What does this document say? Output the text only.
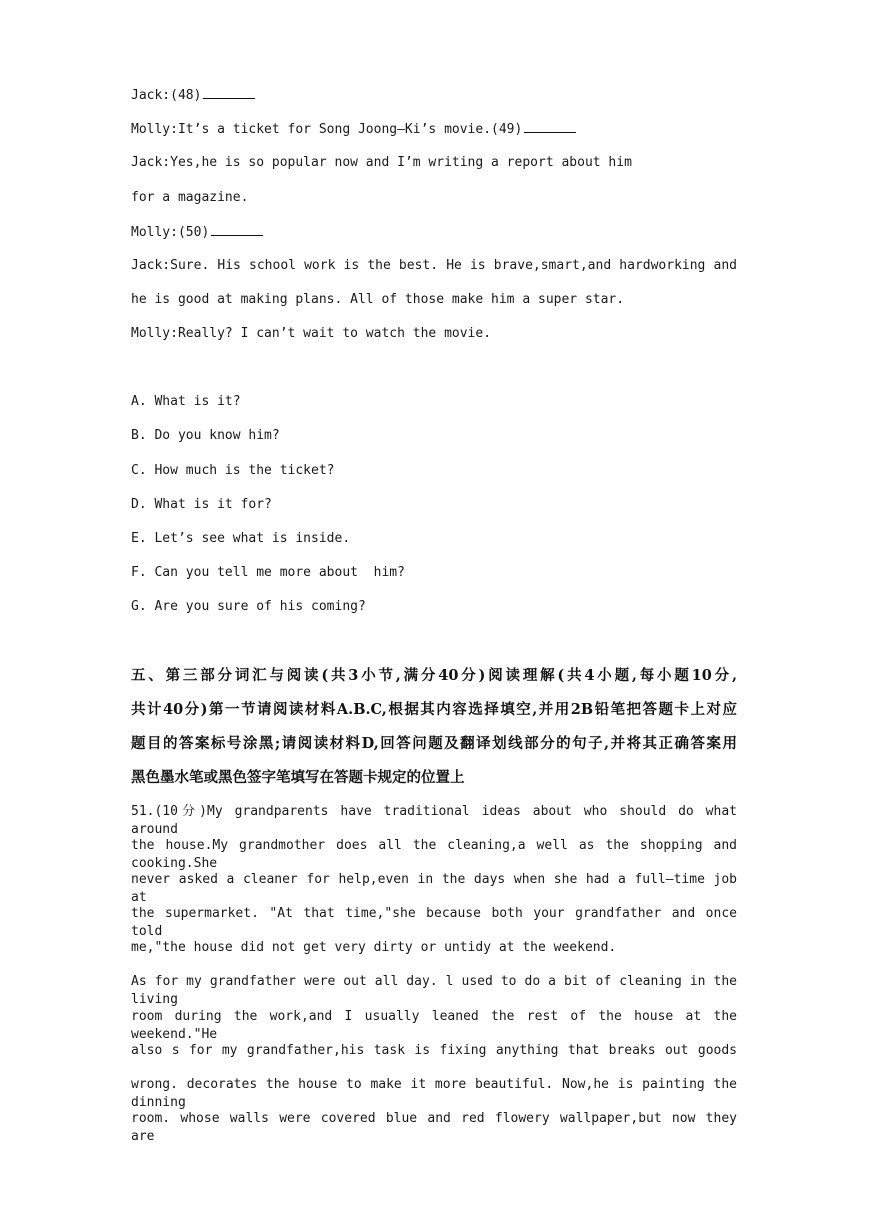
Jack:(48)
Molly:It’s a ticket for Song Joong–Ki’s movie.(49)
Jack:Yes,he is so popular now and I’m writing a report about him
for a magazine.
Molly:(50)
Jack:Sure. His school work is the best. He is brave,smart,and hardworking and
he is good at making plans. All of those make him a super star.
Molly:Really? I can’t wait to watch the movie.
A. What is it?
B. Do you know him?
C. How much is the ticket?
D. What is it for?
E. Let’s see what is inside.
F. Can you tell me more about  him?
G. Are you sure of his coming?
五、第三部分词汇与阅读(共3小节,满分40分)阅读理解(共4小题,每小题10分,
共计40分)第一节请阅读材料A.B.C,根据其内容选择填空,并用2B铅笔把答题卡上对应
题目的答案标号涂黑;请阅读材料D,回答问题及翻译划线部分的句子,并将其正确答案用
黑色墨水笔或黑色签字笔填写在答题卡规定的位置上
51.(10分)My grandparents have traditional ideas about who should do what around
the house.My grandmother does all the cleaning,a well as the shopping and cooking.She
never asked a cleaner for help,even in the days when she had a full–time job at
the supermarket. "At that time,"she because both your grandfather and once told
me,"the house did not get very dirty or untidy at the weekend.
As for my grandfather were out all day. l used to do a bit of cleaning in the living
room during the work,and I usually leaned the rest of the house at the weekend."He
also s for my grandfather,his task is fixing anything that breaks out goods
wrong. decorates the house to make it more beautiful. Now,he is painting the dinning
room. whose walls were covered blue and red flowery wallpaper,but now they are
